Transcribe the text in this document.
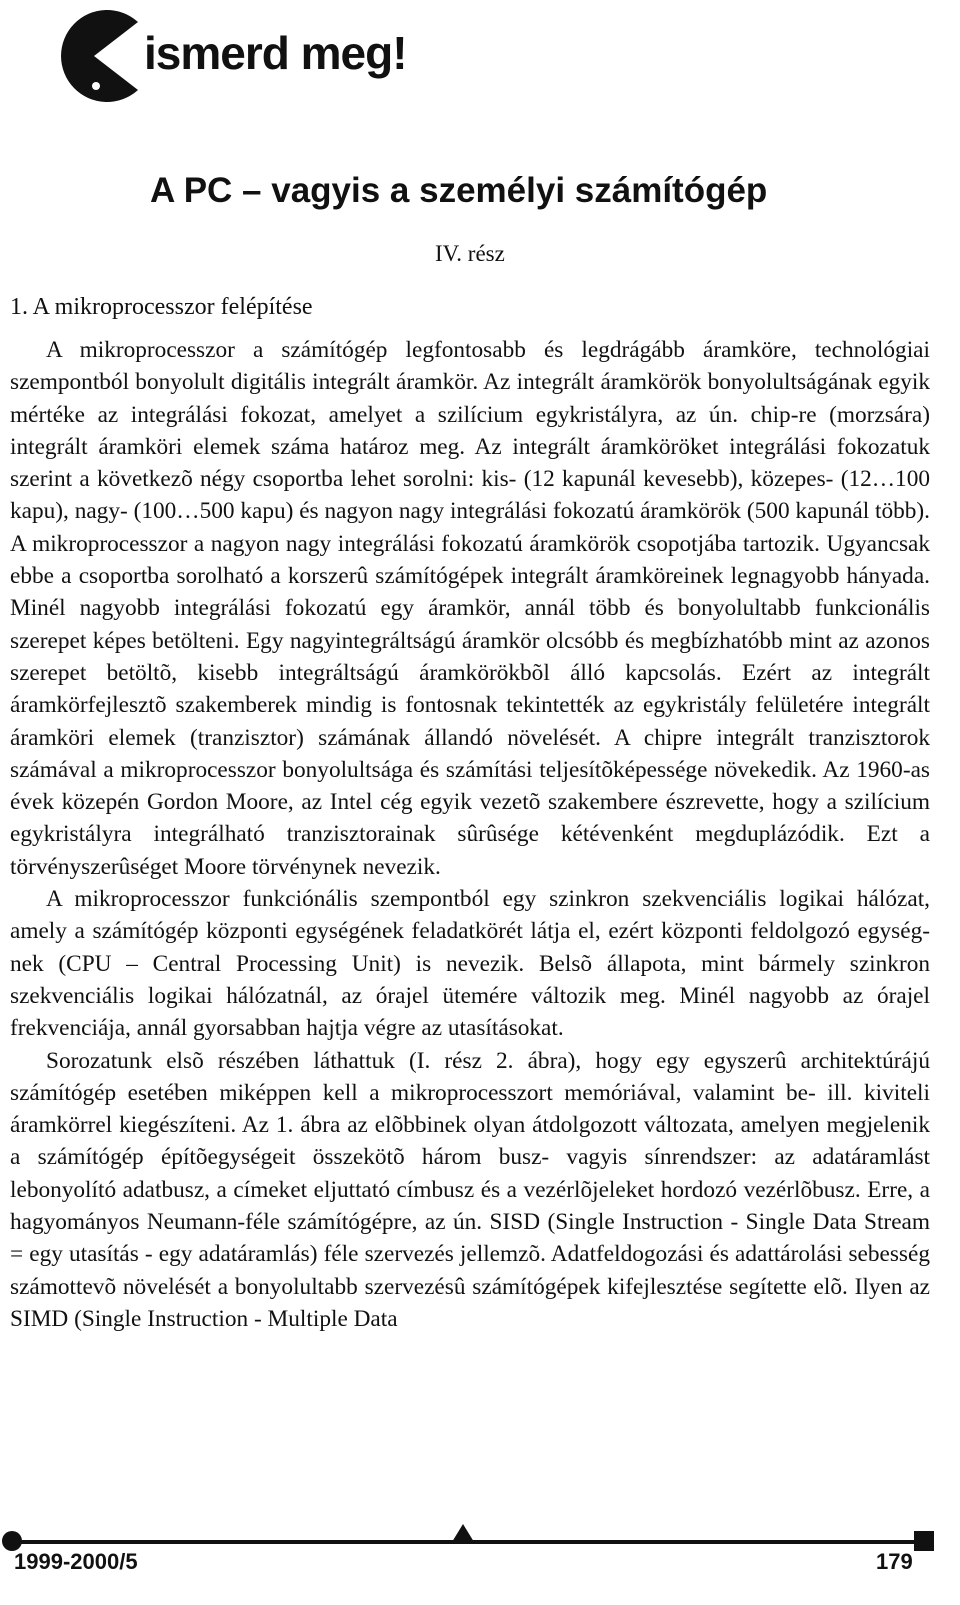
ismerd meg!
A PC – vagyis a személyi számítógép
IV. rész
1. A mikroprocesszor felépítése

A mikroprocesszor a számítógép legfontosabb és legdrágább áramköre, technológiai szempontból bonyolult digitális integrált áramkör. Az integrált áramkörök bonyolultságának egyik mértéke az integrálási fokozat, amelyet a szilícium egykristályra, az ún. chip-re (morzsára) integrált áramköri elemek száma határoz meg. Az integrált áramköröket integrálási fokozatuk szerint a következõ négy csoportba lehet sorolni: kis- (12 kapunál kevesebb), közepes- (12…100 kapu), nagy- (100…500 kapu) és nagyon nagy integrálási fokozatú áramkörök (500 kapunál több). A mikroprocesszor a nagyon nagy integrálási fokozatú áramkörök csopotjába tartozik. Ugyancsak ebbe a csoportba sorolható a korszerû számítógépek integrált áramköreinek legnagyobb hányada. Minél nagyobb integrálási fokozatú egy áramkör, annál több és bonyolultabb funkcionális szerepet képes betölteni. Egy nagyintegráltságú áramkör olcsóbb és megbízhatóbb mint az azonos szerepet betöltõ, kisebb integráltságú áramkörökbõl álló kapcsolás. Ezért az integrált áramkörfejlesztõ szakemberek mindig is fontosnak tekintették az egykristály felületére integrált áramköri elemek (tranzisztor) számának állandó növelését. A chipre integrált tranzisztorok számával a mikroprocesszor bonyolultsága és számítási teljesítõképessége növekedik. Az 1960-as évek közepén Gordon Moore, az Intel cég egyik vezetõ szakembere észrevette, hogy a szilícium egykristályra integrálható tranzisztorainak sûrûsége kétévenként megduplázódik. Ezt a törvényszerûséget Moore törvénynek nevezik.

A mikroprocesszor funkciónális szempontból egy szinkron szekvenciális logikai hálózat, amely a számítógép központi egységének feladatkörét látja el, ezért központi feldolgozó egység-nek (CPU – Central Processing Unit) is nevezik. Belsõ állapota, mint bármely szinkron szekvenciális logikai hálózatnál, az órajel ütemére változik meg. Minél nagyobb az órajel frekvenciája, annál gyorsabban hajtja végre az utasításokat.

Sorozatunk elsõ részében láthattuk (I. rész 2. ábra), hogy egy egyszerû architektúrájú számítógép esetében miképpen kell a mikroprocesszort memóriával, valamint be- ill. kiviteli áramkörrel kiegészíteni. Az 1. ábra az elõbbinek olyan átdolgozott változata, amelyen megjelenik a számítógép építõegységeit összekötõ három busz- vagyis sínrendszer: az adatáramlást lebonyolító adatbusz, a címeket eljuttató címbusz és a vezérlõjeleket hordozó vezérlõbusz. Erre, a hagyományos Neumann-féle számítógépre, az ún. SISD (Single Instruction - Single Data Stream = egy utasítás - egy adatáramlás) féle szervezés jellemzõ. Adatfeldogozási és adattárolási sebesség számottevõ növelését a bonyolultabb szervezésû számítógépek kifejlesztése segítette elõ. Ilyen az SIMD (Single Instruction - Multiple Data

1999-2000/5	179
